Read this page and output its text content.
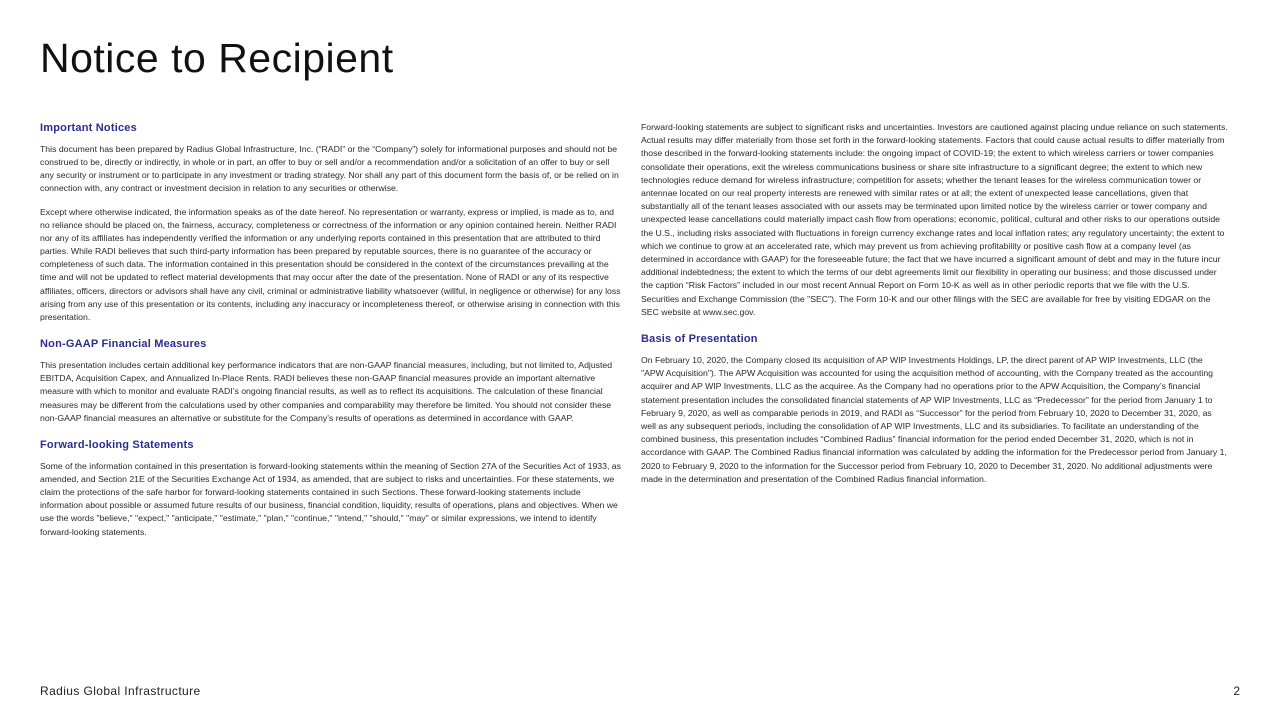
Notice to Recipient
Important Notices

This document has been prepared by Radius Global Infrastructure, Inc. (“RADI” or the “Company”) solely for informational purposes and should not be construed to be, directly or indirectly, in whole or in part, an offer to buy or sell and/or a recommendation and/or a solicitation of an offer to buy or sell any security or instrument or to participate in any investment or trading strategy. Nor shall any part of this document form the basis of, or be relied on in connection with, any contract or investment decision in relation to any securities or otherwise.

Except where otherwise indicated, the information speaks as of the date hereof. No representation or warranty, express or implied, is made as to, and no reliance should be placed on, the fairness, accuracy, completeness or correctness of the information or any opinion contained herein. Neither RADI nor any of its affiliates has independently verified the information or any underlying reports contained in this presentation that are attributed to third parties. While RADI believes that such third-party information has been prepared by reputable sources, there is no guarantee of the accuracy or completeness of such data. The information contained in this presentation should be considered in the context of the circumstances prevailing at the time and will not be updated to reflect material developments that may occur after the date of the presentation. None of RADI or any of its respective affiliates, officers, directors or advisors shall have any civil, criminal or administrative liability whatsoever (willful, in negligence or otherwise) for any loss arising from any use of this presentation or its contents, including any inaccuracy or incompleteness thereof, or otherwise arising in connection with this presentation.

Non-GAAP Financial Measures

This presentation includes certain additional key performance indicators that are non-GAAP financial measures, including, but not limited to, Adjusted EBITDA, Acquisition Capex, and Annualized In-Place Rents. RADI believes these non-GAAP financial measures provide an important alternative measure with which to monitor and evaluate RADI’s ongoing financial results, as well as to reflect its acquisitions. The calculation of these financial measures may be different from the calculations used by other companies and comparability may therefore be limited. You should not consider these non-GAAP financial measures an alternative or substitute for the Company’s results of operations as determined in accordance with GAAP.

Forward-looking Statements

Some of the information contained in this presentation is forward-looking statements within the meaning of Section 27A of the Securities Act of 1933, as amended, and Section 21E of the Securities Exchange Act of 1934, as amended, that are subject to risks and uncertainties. For these statements, we claim the protections of the safe harbor for forward-looking statements contained in such Sections. These forward-looking statements include information about possible or assumed future results of our business, financial condition, liquidity, results of operations, plans and objectives. When we use the words "believe," "expect," "anticipate," "estimate," "plan," "continue," "intend," "should," "may" or similar expressions, we intend to identify forward-looking statements.

Forward-looking statements are subject to significant risks and uncertainties. Investors are cautioned against placing undue reliance on such statements. Actual results may differ materially from those set forth in the forward-looking statements. Factors that could cause actual results to differ materially from those described in the forward-looking statements include: the ongoing impact of COVID-19; the extent to which wireless carriers or tower companies consolidate their operations, exit the wireless communications business or share site infrastructure to a significant degree; the extent to which new technologies reduce demand for wireless infrastructure; competition for assets; whether the tenant leases for the wireless communication tower or antennae located on our real property interests are renewed with similar rates or at all; the extent of unexpected lease cancellations, given that substantially all of the tenant leases associated with our assets may be terminated upon limited notice by the wireless carrier or tower company and unexpected lease cancellations could materially impact cash flow from operations; economic, political, cultural and other risks to our operations outside the U.S., including risks associated with fluctuations in foreign currency exchange rates and local inflation rates; any regulatory uncertainty; the extent to which we continue to grow at an accelerated rate, which may prevent us from achieving profitability or positive cash flow at a company level (as determined in accordance with GAAP) for the foreseeable future; the fact that we have incurred a significant amount of debt and may in the future incur additional indebtedness; the extent to which the terms of our debt agreements limit our flexibility in operating our business; and those discussed under the caption “Risk Factors” included in our most recent Annual Report on Form 10-K as well as in other periodic reports that we file with the U.S. Securities and Exchange Commission (the "SEC"). The Form 10-K and our other filings with the SEC are available for free by visiting EDGAR on the SEC website at www.sec.gov.

Basis of Presentation

On February 10, 2020, the Company closed its acquisition of AP WIP Investments Holdings, LP, the direct parent of AP WIP Investments, LLC (the "APW Acquisition"). The APW Acquisition was accounted for using the acquisition method of accounting, with the Company treated as the accounting acquirer and AP WIP Investments, LLC as the acquiree. As the Company had no operations prior to the APW Acquisition, the Company’s financial statement presentation includes the consolidated financial statements of AP WIP Investments, LLC as “Predecessor” for the period from January 1 to February 9, 2020, as well as comparable periods in 2019, and RADI as “Successor” for the period from February 10, 2020 to December 31, 2020, as well as any subsequent periods, including the consolidation of AP WIP Investments, LLC and its subsidiaries. To facilitate an understanding of the combined business, this presentation includes “Combined Radius” financial information for the period ended December 31, 2020, which is not in accordance with GAAP. The Combined Radius financial information was calculated by adding the information for the Predecessor period from January 1, 2020 to February 9, 2020 to the information for the Successor period from February 10, 2020 to December 31, 2020. No additional adjustments were made in the determination and presentation of the Combined Radius financial information.

Radius Global Infrastructure	2
